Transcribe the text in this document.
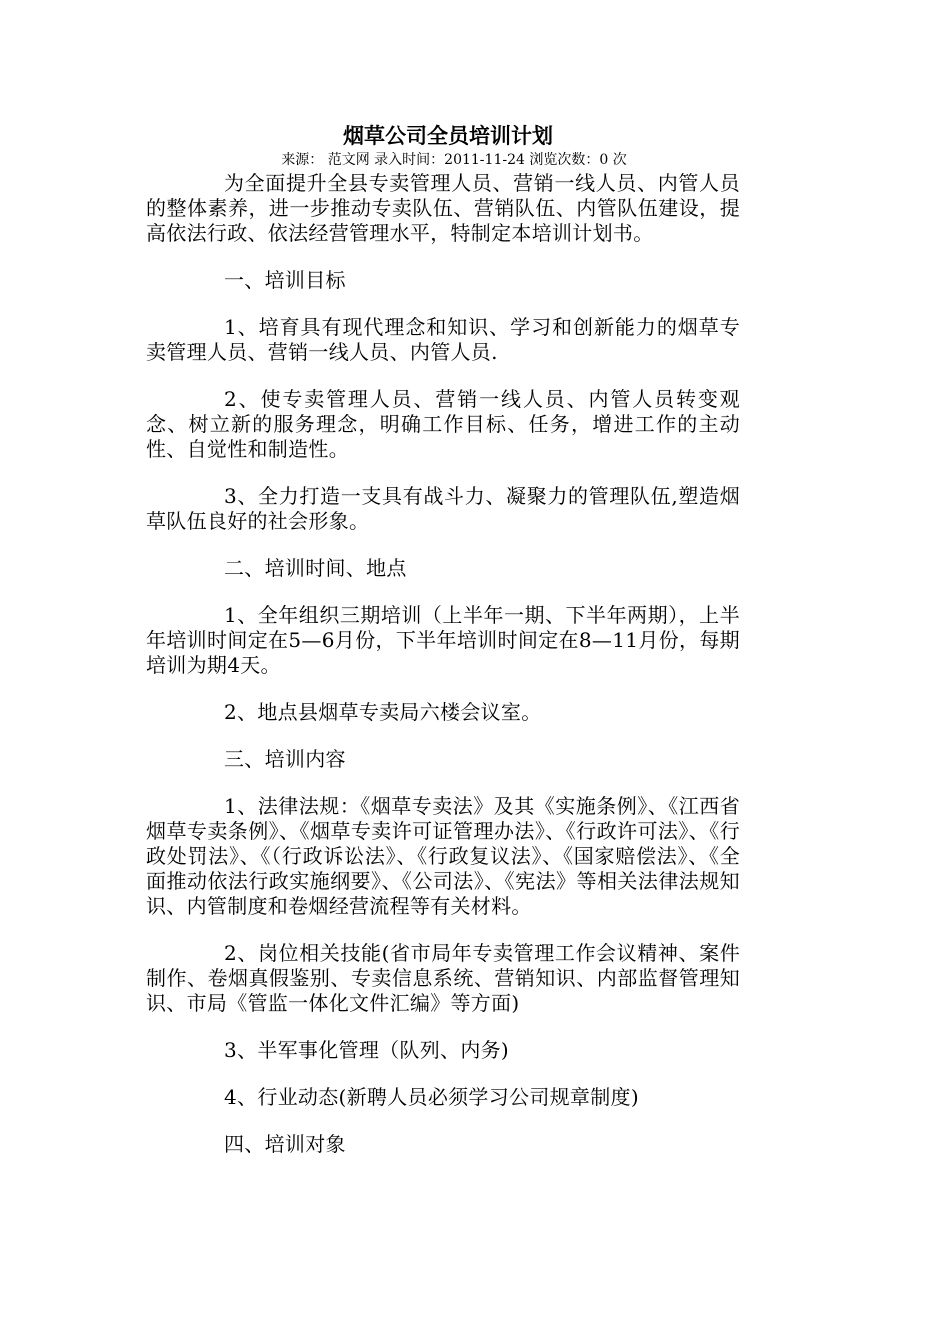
烟草公司全员培训计划
来源： 范文网 录入时间：2011-11-24 浏览次数：0 次

为全面提升全县专卖管理人员、营销一线人员、内管人员的整体素养，进一步推动专卖队伍、营销队伍、内管队伍建设，提高依法行政、依法经营管理水平，特制定本培训计划书。

一、培训目标

1、培育具有现代理念和知识、学习和创新能力的烟草专卖管理人员、营销一线人员、内管人员.

2、使专卖管理人员、营销一线人员、内管人员转变观念、树立新的服务理念，明确工作目标、任务，增进工作的主动性、自觉性和制造性。

3、全力打造一支具有战斗力、凝聚力的管理队伍,塑造烟草队伍良好的社会形象。

二、培训时间、地点

1、全年组织三期培训（上半年一期、下半年两期），上半年培训时间定在5—6月份，下半年培训时间定在8—11月份，每期培训为期4天。

2、地点县烟草专卖局六楼会议室。

三、培训内容

1、法律法规：《烟草专卖法》及其《实施条例》、《江西省烟草专卖条例》、《烟草专卖许可证管理办法》、《行政许可法》、《行政处罚法》、《（行政诉讼法》、《行政复议法》、《国家赔偿法》、《全面推动依法行政实施纲要》、《公司法》、《宪法》等相关法律法规知识、内管制度和卷烟经营流程等有关材料。

2、岗位相关技能(省市局年专卖管理工作会议精神、案件制作、卷烟真假鉴别、专卖信息系统、营销知识、内部监督管理知识、市局《管监一体化文件汇编》等方面)

3、半军事化管理（队列、内务)

4、行业动态(新聘人员必须学习公司规章制度)

四、培训对象
